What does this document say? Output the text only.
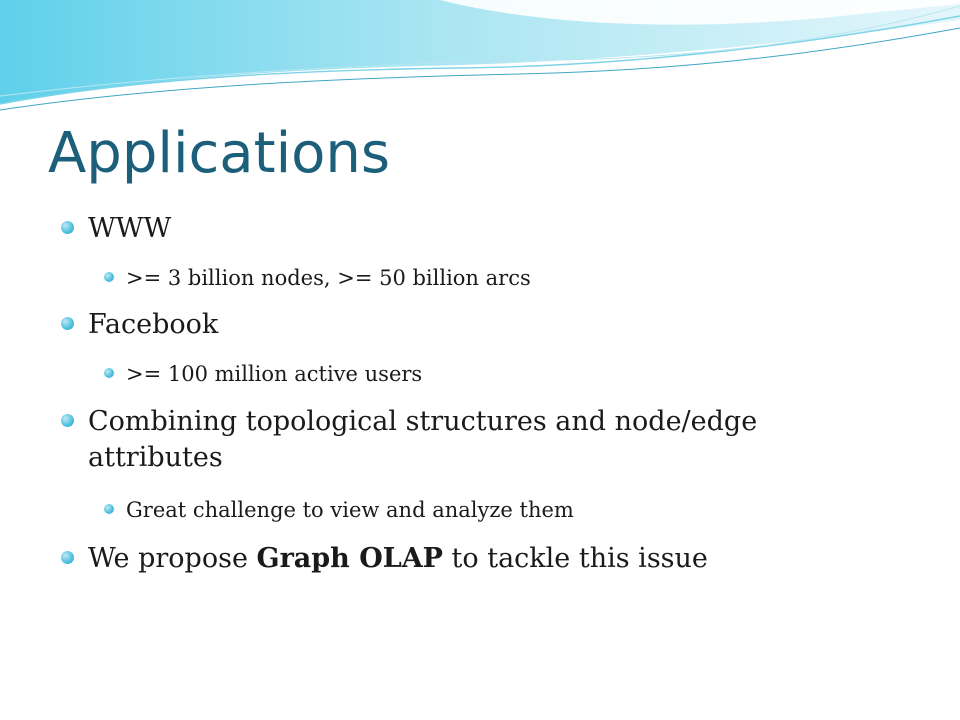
Applications
WWW
>= 3 billion nodes, >= 50 billion arcs
Facebook
>= 100 million active users
Combining topological structures and node/edge
attributes
Great challenge to view and analyze them
We propose Graph OLAP to tackle this issue
